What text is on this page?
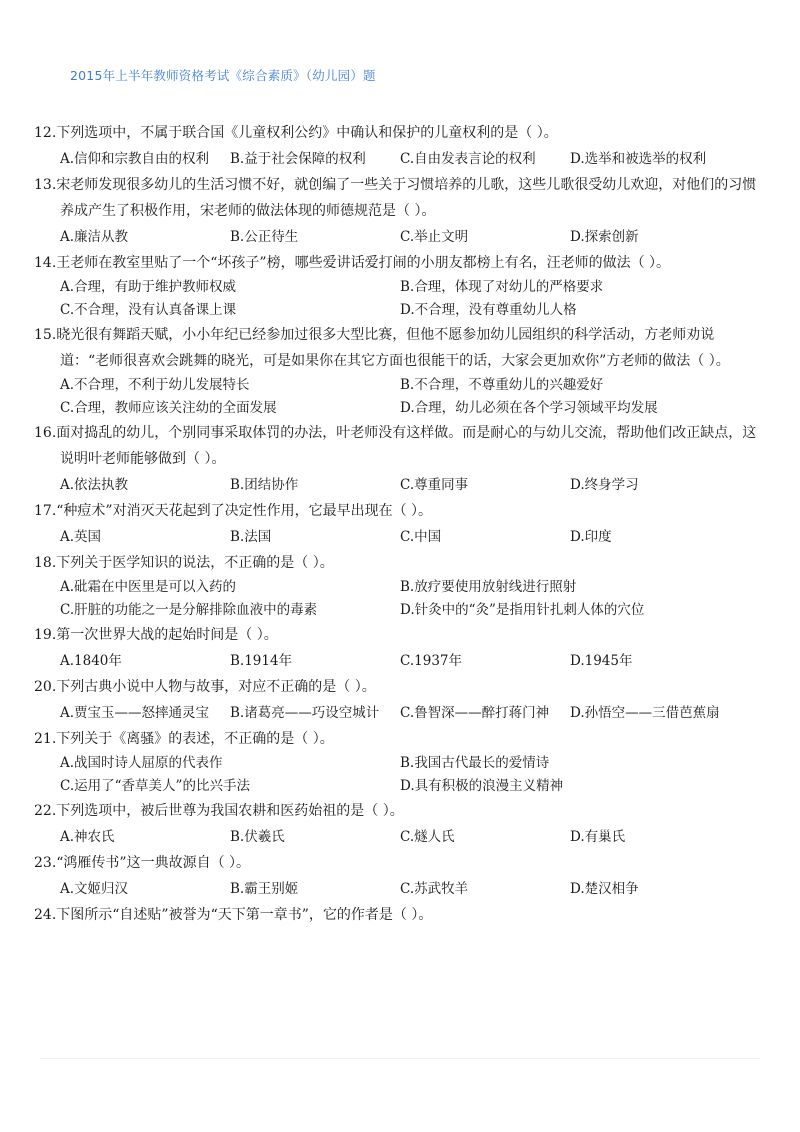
2015年上半年教师资格考试《综合素质》（幼儿园）题
12.下列选项中，不属于联合国《儿童权利公约》中确认和保护的儿童权利的是（ ）。
A.信仰和宗教自由的权利	B.益于社会保障的权利	C.自由发表言论的权利	D.选举和被选举的权利
13.宋老师发现很多幼儿的生活习惯不好，就创编了一些关于习惯培养的儿歌，这些儿歌很受幼儿欢迎，对他们的习惯养成产生了积极作用，宋老师的做法体现的师德规范是（ ）。
A.廉洁从教	B.公正待生	C.举止文明	D.探索创新
14.王老师在教室里贴了一个“坏孩子”榜，哪些爱讲话爱打闹的小朋友都榜上有名，汪老师的做法（ ）。
A.合理，有助于维护教师权威	B.合理，体现了对幼儿的严格要求
C.不合理，没有认真备课上课	D.不合理，没有尊重幼儿人格
15.晓光很有舞蹈天赋，小小年纪已经参加过很多大型比赛，但他不愿参加幼儿园组织的科学活动，方老师劝说道：“老师很喜欢会跳舞的晓光，可是如果你在其它方面也很能干的话，大家会更加欢你”方老师的做法（ ）。
A.不合理，不利于幼儿发展特长	B.不合理，不尊重幼儿的兴趣爱好
C.合理，教师应该关注幼的全面发展	D.合理，幼儿必须在各个学习领域平均发展
16.面对捣乱的幼儿，个别同事采取体罚的办法，叶老师没有这样做。而是耐心的与幼儿交流，帮助他们改正缺点，这说明叶老师能够做到（ ）。
A.依法执教	B.团结协作	C.尊重同事	D.终身学习
17.“种痘术”对消灭天花起到了决定性作用，它最早出现在（ ）。
A.英国	B.法国	C.中国	D.印度
18.下列关于医学知识的说法，不正确的是（ ）。
A.砒霜在中医里是可以入药的	B.放疗要使用放射线进行照射
C.肝脏的功能之一是分解排除血液中的毒素	D.针灸中的“灸”是指用针扎刺人体的穴位
19.第一次世界大战的起始时间是（ ）。
A.1840年	B.1914年	C.1937年	D.1945年
20.下列古典小说中人物与故事，对应不正确的是（ ）。
A.贾宝玉——怒摔通灵宝	B.诸葛亮——巧设空城计	C.鲁智深——醉打蒋门神	D.孙悟空——三借芭蕉扇
21.下列关于《离骚》的表述，不正确的是（ ）。
A.战国时诗人屈原的代表作	B.我国古代最长的爱情诗
C.运用了“香草美人”的比兴手法	D.具有积极的浪漫主义精神
22.下列选项中，被后世尊为我国农耕和医药始祖的是（ ）。
A.神农氏	B.伏羲氏	C.燧人氏	D.有巢氏
23.“鸿雁传书”这一典故源自（ ）。
A.文姬归汉	B.霸王别姬	C.苏武牧羊	D.楚汉相争
24.下图所示“自述贴”被誉为“天下第一章书”，它的作者是（ ）。
